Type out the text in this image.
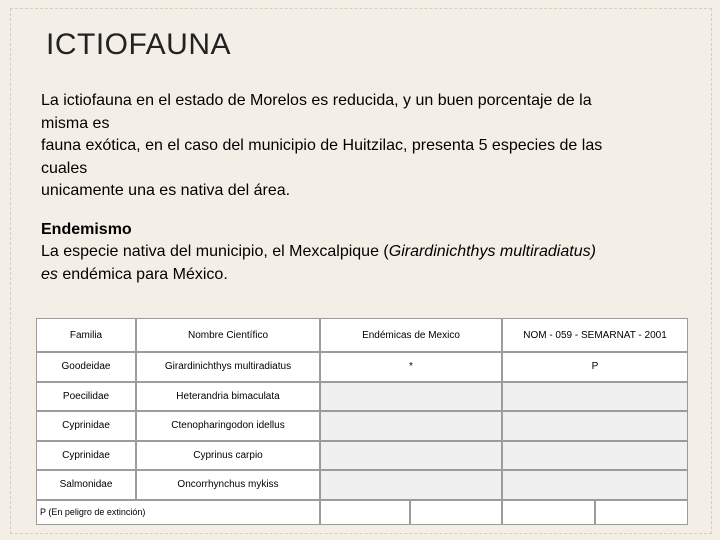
ICTIOFAUNA

La ictiofauna en el estado de Morelos es reducida, y un buen porcentaje de la

misma es

fauna exótica, en el caso del municipio de Huitzilac, presenta 5 especies de las

cuales

unicamente una es nativa del área.

Endemismo

La especie nativa del municipio, el Mexcalpique (Girardinichthys multiradiatus)

es endémica para México.

Familia	Nombre Científico	Endémicas de Mexico	NOM - 059 - SEMARNAT - 2001
Goodeidae	Girardinichthys multiradiatus	*	P
Poecilidae	Heterandria bimaculata
Cyprinidae	Ctenopharingodon idellus
Cyprinidae	Cyprinus carpio
Salmonidae	Oncorrhynchus mykiss
P (En peligro de extinción)
